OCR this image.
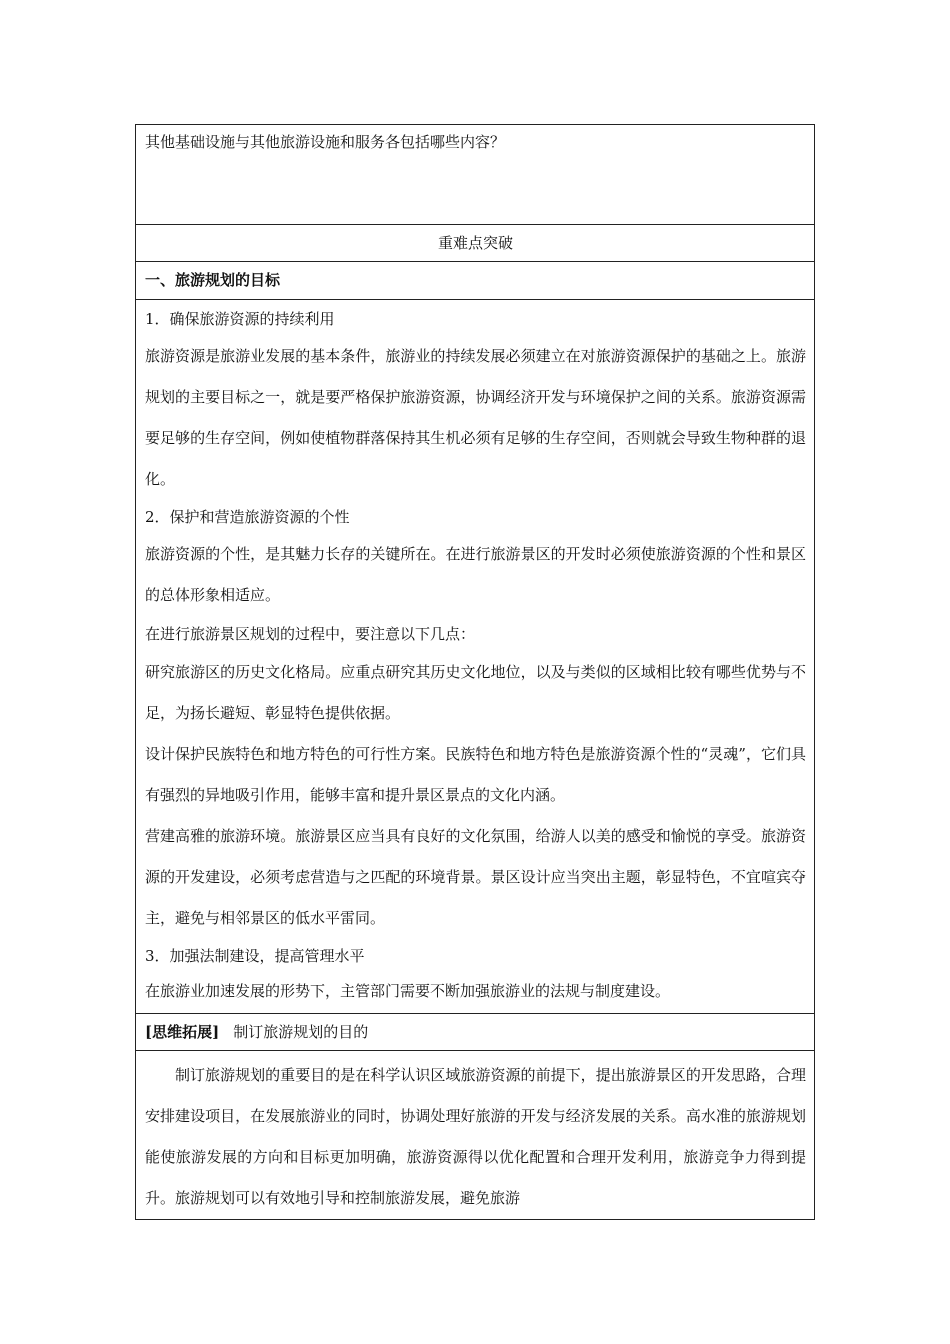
其他基础设施与其他旅游设施和服务各包括哪些内容？
重难点突破
一、旅游规划的目标

1．确保旅游资源的持续利用

旅游资源是旅游业发展的基本条件，旅游业的持续发展必须建立在对旅游资源保护的基础之上。旅游规划的主要目标之一，就是要严格保护旅游资源，协调经济开发与环境保护之间的关系。旅游资源需要足够的生存空间，例如使植物群落保持其生机必须有足够的生存空间，否则就会导致生物种群的退化。

2．保护和营造旅游资源的个性

旅游资源的个性，是其魅力长存的关键所在。在进行旅游景区的开发时必须使旅游资源的个性和景区的总体形象相适应。

在进行旅游景区规划的过程中，要注意以下几点：

研究旅游区的历史文化格局。应重点研究其历史文化地位，以及与类似的区域相比较有哪些优势与不足，为扬长避短、彰显特色提供依据。

设计保护民族特色和地方特色的可行性方案。民族特色和地方特色是旅游资源个性的“灵魂”，它们具有强烈的异地吸引作用，能够丰富和提升景区景点的文化内涵。

营建高雅的旅游环境。旅游景区应当具有良好的文化氛围，给游人以美的感受和愉悦的享受。旅游资源的开发建设，必须考虑营造与之匹配的环境背景。景区设计应当突出主题，彰显特色，不宜喧宾夺主，避免与相邻景区的低水平雷同。

3．加强法制建设，提高管理水平

在旅游业加速发展的形势下，主管部门需要不断加强旅游业的法规与制度建设。

[思维拓展] 制订旅游规划的目的

制订旅游规划的重要目的是在科学认识区域旅游资源的前提下，提出旅游景区的开发思路，合理安排建设项目，在发展旅游业的同时，协调处理好旅游的开发与经济发展的关系。高水准的旅游规划能使旅游发展的方向和目标更加明确，旅游资源得以优化配置和合理开发利用，旅游竞争力得到提升。旅游规划可以有效地引导和控制旅游发展，避免旅游
